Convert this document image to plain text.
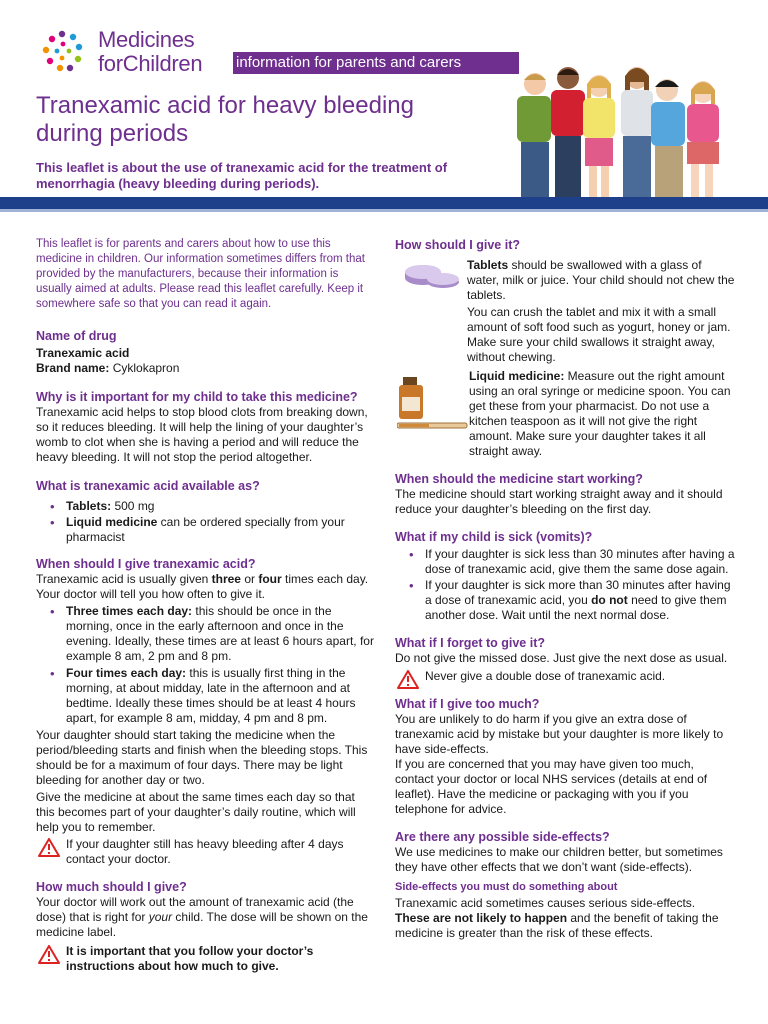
Medicines
forChildren information for parents and carers
Tranexamic acid for heavy bleeding
during periods
This leaflet is about the use of tranexamic acid for the treatment of menorrhagia (heavy bleeding during periods).

This leaflet is for parents and carers about how to use this medicine in children. Our information sometimes differs from that provided by the manufacturers, because their information is usually aimed at adults. Please read this leaflet carefully. Keep it somewhere safe so that you can read it again.

Name of drug

Tranexamic acid

Brand name: Cyklokapron

Why is it important for my child to take this medicine?

Tranexamic acid helps to stop blood clots from breaking down, so it reduces bleeding. It will help the lining of your daughter’s womb to clot when she is having a period and will reduce the heavy bleeding. It will not stop the period altogether.

What is tranexamic acid available as?
• Tablets: 500 mg
• Liquid medicine can be ordered specially from your pharmacist
When should I give tranexamic acid?

Tranexamic acid is usually given three or four times each day. Your doctor will tell you how often to give it.

• Three times each day: this should be once in the morning, once in the early afternoon and once in the evening. Ideally, these times are at least 6 hours apart, for example 8 am, 2 pm and 8 pm.
• Four times each day: this is usually first thing in the morning, at about midday, late in the afternoon and at bedtime. Ideally these times should be at least 4 hours apart, for example 8 am, midday, 4 pm and 8 pm.

Your daughter should start taking the medicine when the period/bleeding starts and finish when the bleeding stops. This should be for a maximum of four days. There may be light bleeding for another day or two.

Give the medicine at about the same times each day so that this becomes part of your daughter’s daily routine, which will help you to remember.

If your daughter still has heavy bleeding after 4 days contact your doctor.
How much should I give?

Your doctor will work out the amount of tranexamic acid (the dose) that is right for your child. The dose will be shown on the medicine label.

It is important that you follow your doctor’s instructions about how much to give.
How should I give it?

Tablets should be swallowed with a glass of water, milk or juice. Your child should not chew the tablets.

You can crush the tablet and mix it with a small amount of soft food such as yogurt, honey or jam. Make sure your child swallows it straight away, without chewing.

Liquid medicine: Measure out the right amount using an oral syringe or medicine spoon. You can get these from your pharmacist. Do not use a kitchen teaspoon as it will not give the right amount. Make sure your daughter takes it all straight away.

When should the medicine start working?

The medicine should start working straight away and it should reduce your daughter’s bleeding on the first day.

What if my child is sick (vomits)?
• If your daughter is sick less than 30 minutes after having a dose of tranexamic acid, give them the same dose again.
• If your daughter is sick more than 30 minutes after having a dose of tranexamic acid, you do not need to give them another dose. Wait until the next normal dose.
What if I forget to give it?

Do not give the missed dose. Just give the next dose as usual.

Never give a double dose of tranexamic acid.
What if I give too much?

You are unlikely to do harm if you give an extra dose of tranexamic acid by mistake but your daughter is more likely to have side-effects.

If you are concerned that you may have given too much, contact your doctor or local NHS services (details at end of leaflet). Have the medicine or packaging with you if you telephone for advice.

Are there any possible side-effects?

We use medicines to make our children better, but sometimes they have other effects that we don’t want (side-effects).

Side-effects you must do something about

Tranexamic acid sometimes causes serious side-effects.

These are not likely to happen and the benefit of taking the medicine is greater than the risk of these effects.
